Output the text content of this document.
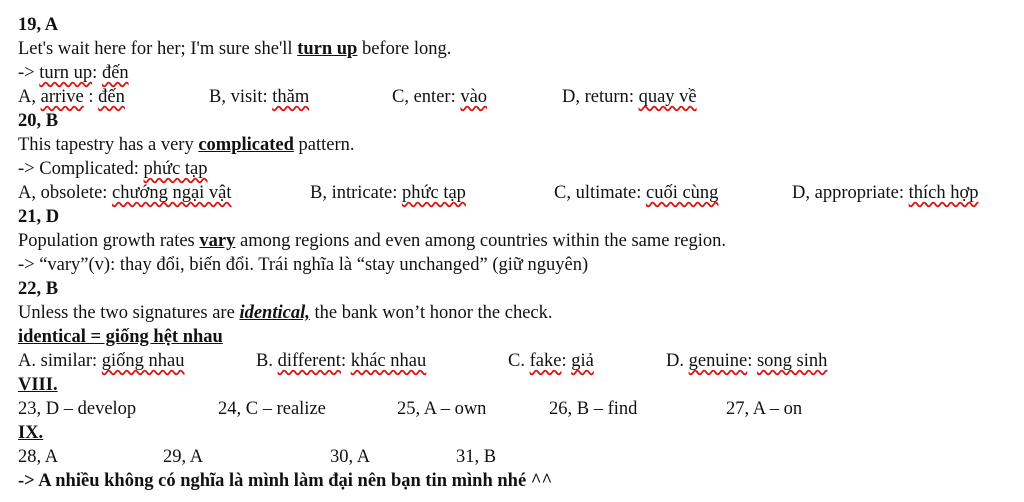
19, A
Let's wait here for her; I'm sure she'll turn up before long.
-> turn up: đến
A, arrive : đến	B, visit: thăm	C, enter: vào	D, return: quay về
20, B
This tapestry has a very complicated pattern.
-> Complicated: phức tạp
A, obsolete: chướng ngại vật	B, intricate: phức tạp	C, ultimate: cuối cùng	D, appropriate: thích hợp
21, D
Population growth rates vary among regions and even among countries within the same region.
-> “vary”(v): thay đổi, biến đổi. Trái nghĩa là “stay unchanged” (giữ nguyên)
22, B
Unless the two signatures are identical, the bank won’t honor the check.
identical = giống hệt nhau
A. similar: giống nhau	B. different: khác nhau	C. fake: giả	D. genuine: song sinh
VIII.
23, D – develop	24, C – realize	25, A – own	26, B – find	27, A – on
IX.
28, A	29, A	30, A	31, B
-> A nhiều không có nghĩa là mình làm đại nên bạn tin mình nhé ^^
